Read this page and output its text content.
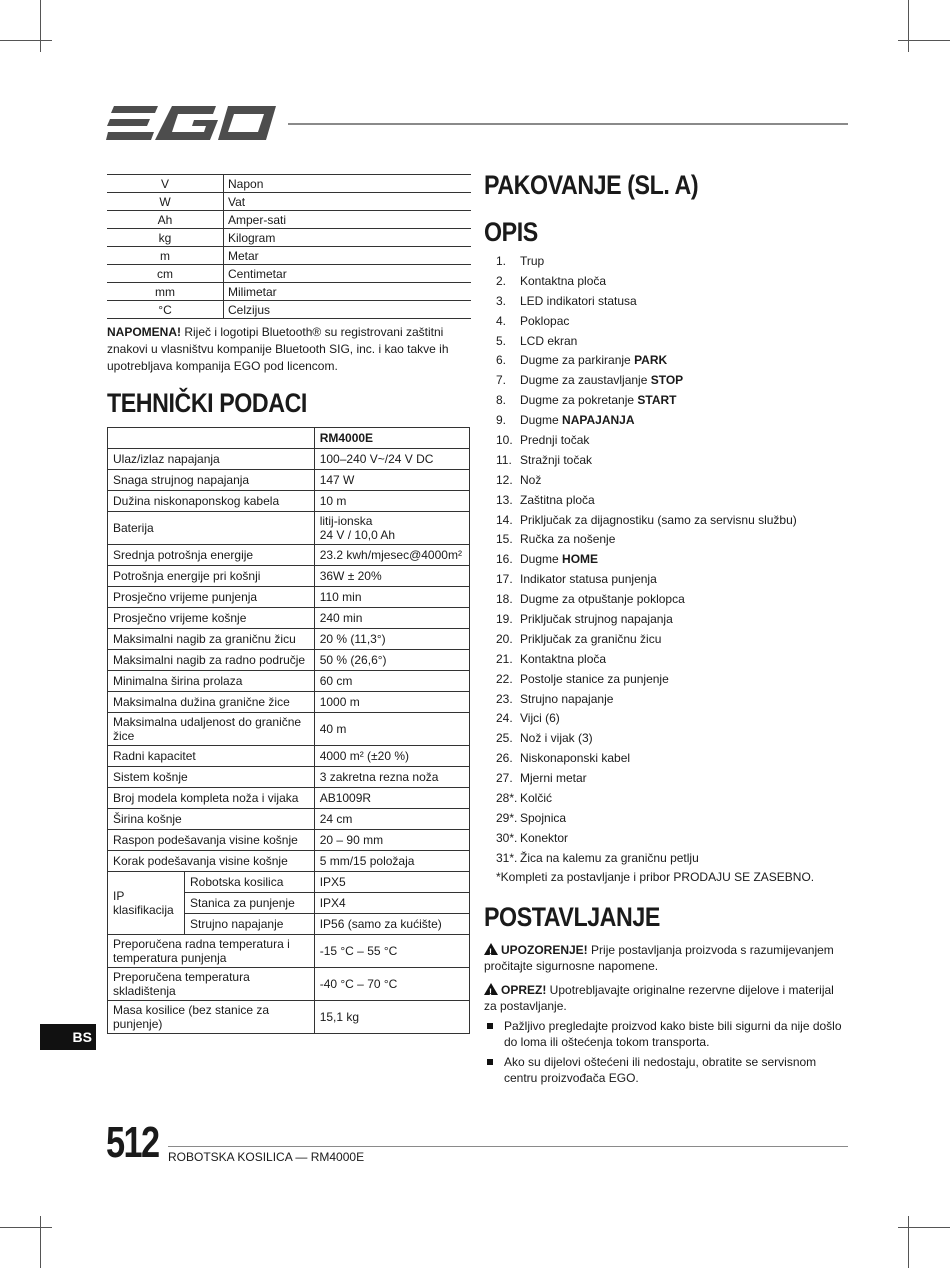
V	Napon
W	Vat
Ah	Amper-sati
kg	Kilogram
m	Metar
cm	Centimetar
mm	Milimetar
°C	Celzijus
NAPOMENA! Riječ i logotipi Bluetooth® su registrovani zaštitni znakovi u vlasništvu kompanije Bluetooth SIG, inc. i kao takve ih upotrebljava kompanija EGO pod licencom.
TEHNIČKI PODACI
		RM4000E
Ulaz/izlaz napajanja		100–240 V~/24 V DC
Snaga strujnog napajanja		147 W
Dužina niskonaponskog kabela		10 m
Baterija		litij-ionska
24 V / 10,0 Ah
Srednja potrošnja energije		23.2 kwh/mjesec@4000m²
Potrošnja energije pri košnji		36W ± 20%
Prosječno vrijeme punjenja		110 min
Prosječno vrijeme košnje		240 min
Maksimalni nagib za graničnu žicu		20 % (11,3°)
Maksimalni nagib za radno područje		50 % (26,6°)
Minimalna širina prolaza		60 cm
Maksimalna dužina granične žice		1000 m
Maksimalna udaljenost do granične žice		40 m
Radni kapacitet		4000 m² (±20 %)
Sistem košnje		3 zakretna rezna noža
Broj modela kompleta noža i vijaka		AB1009R
Širina košnje		24 cm
Raspon podešavanja visine košnje		20 – 90 mm
Korak podešavanja visine košnje		5 mm/15 položaja
IP klasifikacija	Robotska kosilica	IPX5
	Stanica za punjenje	IPX4
	Strujno napajanje	IP56 (samo za kućište)
Preporučena radna temperatura i temperatura punjenja		-15 °C – 55 °C
Preporučena temperatura skladištenja		-40 °C – 70 °C
Masa kosilice (bez stanice za punjenje)		15,1 kg
PAKOVANJE (SL. A)
OPIS
1.	Trup
2.	Kontaktna ploča
3.	LED indikatori statusa
4.	Poklopac
5.	LCD ekran
6.	Dugme za parkiranje PARK
7.	Dugme za zaustavljanje STOP
8.	Dugme za pokretanje START
9.	Dugme NAPAJANJA
10. Prednji točak
11. Stražnji točak
12. Nož
13. Zaštitna ploča
14. Priključak za dijagnostiku (samo za servisnu službu)
15. Ručka za nošenje
16. Dugme HOME
17. Indikator statusa punjenja
18. Dugme za otpuštanje poklopca
19. Priključak strujnog napajanja
20. Priključak za graničnu žicu
21. Kontaktna ploča
22. Postolje stanice za punjenje
23. Strujno napajanje
24. Vijci (6)
25. Nož i vijak (3)
26. Niskonaponski kabel
27. Mjerni metar
28*. Kolčić
29*. Spojnica
30*. Konektor
31*. Žica na kalemu za graničnu petlju
*Kompleti za postavljanje i pribor PRODAJU SE ZASEBNO.
POSTAVLJANJE
!UPOZORENJE! Prije postavljanja proizvoda s razumijevanjem pročitajte sigurnosne napomene.
!OPREZ! Upotrebljavajte originalne rezervne dijelove i materijal za postavljanje.
Pažljivo pregledajte proizvod kako biste bili sigurni da nije došlo do loma ili oštećenja tokom transporta.
Ako su dijelovi oštećeni ili nedostaju, obratite se servisnom centru proizvođača EGO.
BS
512 ROBOTSKA KOSILICA — RM4000E
